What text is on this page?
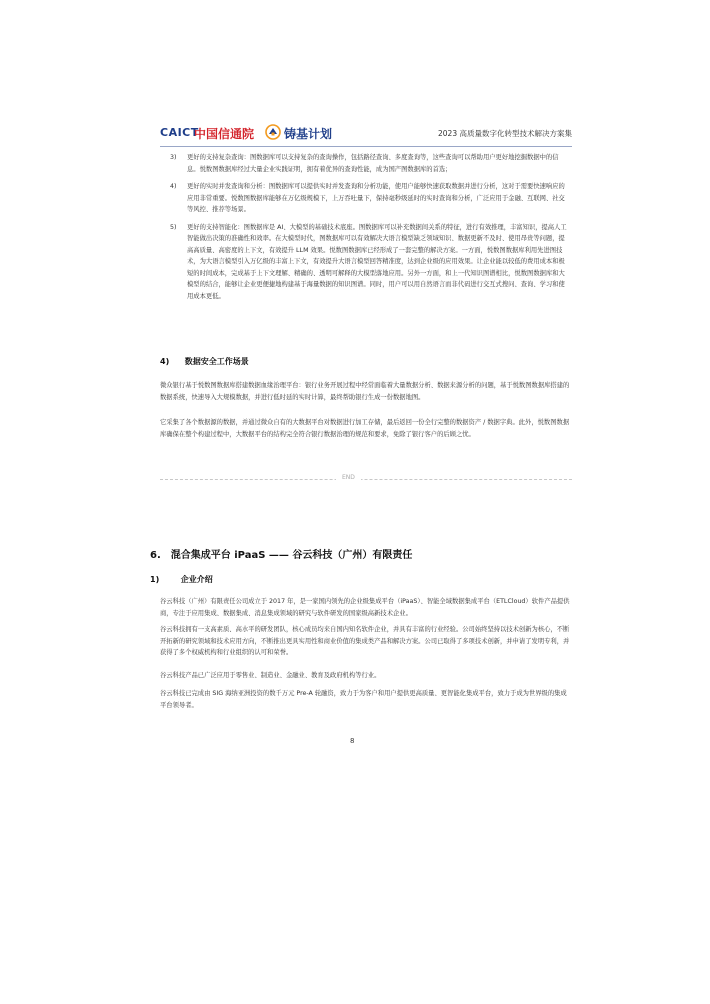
CAICT
中国信通院 铸基计划	2023 高质量数字化转型技术解决方案集
3) 更好的支持复杂查询：图数据库可以支持复杂的查询操作，包括路径查询、多度查询等，这些查询可以帮助用户更好地挖掘数据中的信息。悦数图数据库经过大量企业实践证明，拥有着优异的查询性能，成为国产图数据库的首选；
4) 更好的实时并发查询和分析：图数据库可以提供实时并发查询和分析功能，使用户能够快速获取数据并进行分析，这对于需要快速响应的应用非常重要。悦数图数据库能够在万亿级规模下，上万吞吐量下，保持毫秒级延时的实时查询和分析，广泛应用于金融、互联网、社交等风控、推荐等场景。
5) 更好的支持智能化：图数据库是 AI、大模型的基础技术底座。图数据库可以补充数据间关系的特征，进行有效推理，丰富知识，提高人工智能做出决策的准确性和效率。在大模型时代，图数据库可以有效解决大语言模型缺乏领域知识、数据更新不及时、使用昂贵等问题，提高高质量、高密度的上下文，有效提升 LLM 效果。悦数图数据库已经形成了一套完整的解决方案。一方面，悦数图数据库利用先进图技术，为大语言模型引入万亿级的丰富上下文，有效提升大语言模型回答精准度，达到企业级的应用效果。让企业能以较低的费用成本和极短的时间成本，完成基于上下文理解、精确的、透明可解释的大模型落地应用。另外一方面，和上一代知识图谱相比，悦数图数据库和大模型的结合，能够让企业更便捷地构建基于海量数据的知识图谱。同时，用户可以用自然语言而非代码进行交互式搜问、查询、学习和使用成本更低。
4) 数据安全工作场景
微众银行基于悦数图数据库搭建数据血缘治理平台：银行业务开展过程中经常面临着大量数据分析、数据来源分析的问题，基于悦数图数据库搭建的数据系统，快速导入大规模数据，并进行低时延的实时计算，最终帮助银行生成一份数据地图。
它采集了各个数据源的数据，并通过微众自有的大数据平台对数据进行加工存储，最后返回一份全行完整的数据资产 / 数据字典。此外，悦数图数据库确保在整个构建过程中，大数据平台的结构完全符合银行数据治理的规范和要求，免除了银行客户的后顾之忧。
END
6.　混合集成平台 iPaaS —— 谷云科技（广州）有限责任
1)	企业介绍
谷云科技（广州）有限责任公司成立于 2017 年，是一家国内领先的企业级集成平台（iPaaS）、智能全域数据集成平台（ETLCloud）软件产品提供商，专注于应用集成、数据集成、消息集成领域的研究与软件研发的国家级高新技术企业。
谷云科技拥有一支高素质、高水平的研发团队，核心成员均来自国内知名软件企业，并具有丰富的行业经验。公司始终坚持以技术创新为核心，不断开拓新的研究领域和技术应用方向，不断推出更具实用性和商业价值的集成类产品和解决方案。公司已取得了多项技术创新，并申请了发明专利，并获得了多个权威机构和行业组织的认可和荣誉。
谷云科技产品已广泛应用于零售业、制造业、金融业、教育及政府机构等行业。
谷云科技已完成由 SIG 海纳亚洲投资的数千万元 Pre-A 轮融资，致力于为客户和用户提供更高质量、更智能化集成平台，致力于成为世界级的集成平台领导者。
8
